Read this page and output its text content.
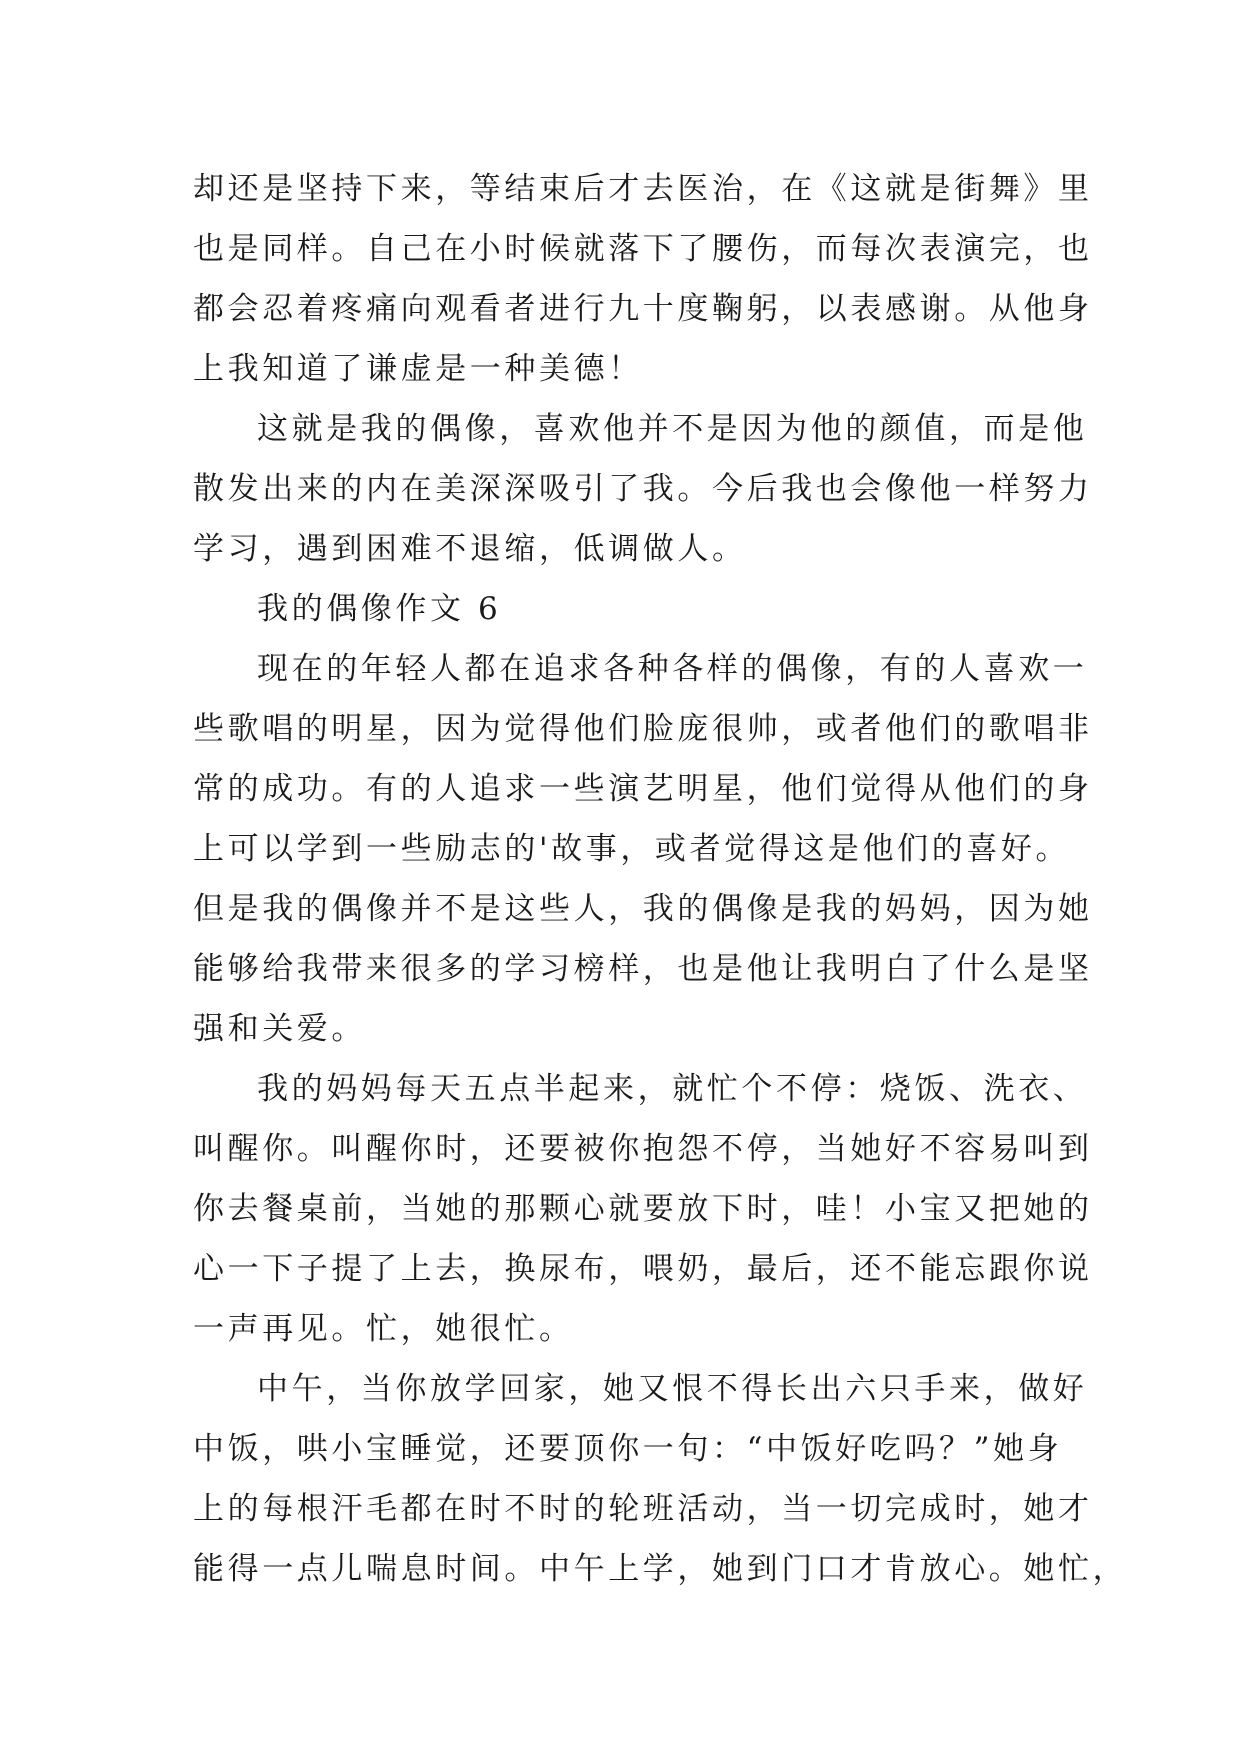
却还是坚持下来，等结束后才去医治，在《这就是街舞》里
也是同样。自己在小时候就落下了腰伤，而每次表演完，也
都会忍着疼痛向观看者进行九十度鞠躬，以表感谢。从他身
上我知道了谦虚是一种美德！
这就是我的偶像，喜欢他并不是因为他的颜值，而是他
散发出来的内在美深深吸引了我。今后我也会像他一样努力
学习，遇到困难不退缩，低调做人。
我的偶像作文 6
现在的年轻人都在追求各种各样的偶像，有的人喜欢一
些歌唱的明星，因为觉得他们脸庞很帅，或者他们的歌唱非
常的成功。有的人追求一些演艺明星，他们觉得从他们的身
上可以学到一些励志的'故事，或者觉得这是他们的喜好。
但是我的偶像并不是这些人，我的偶像是我的妈妈，因为她
能够给我带来很多的学习榜样，也是他让我明白了什么是坚
强和关爱。
我的妈妈每天五点半起来，就忙个不停：烧饭、洗衣、
叫醒你。叫醒你时，还要被你抱怨不停，当她好不容易叫到
你去餐桌前，当她的那颗心就要放下时，哇！小宝又把她的
心一下子提了上去，换尿布，喂奶，最后，还不能忘跟你说
一声再见。忙，她很忙。
中午，当你放学回家，她又恨不得长出六只手来，做好
中饭，哄小宝睡觉，还要顶你一句：“中饭好吃吗？”她身
上的每根汗毛都在时不时的轮班活动，当一切完成时，她才
能得一点儿喘息时间。中午上学，她到门口才肯放心。她忙，
